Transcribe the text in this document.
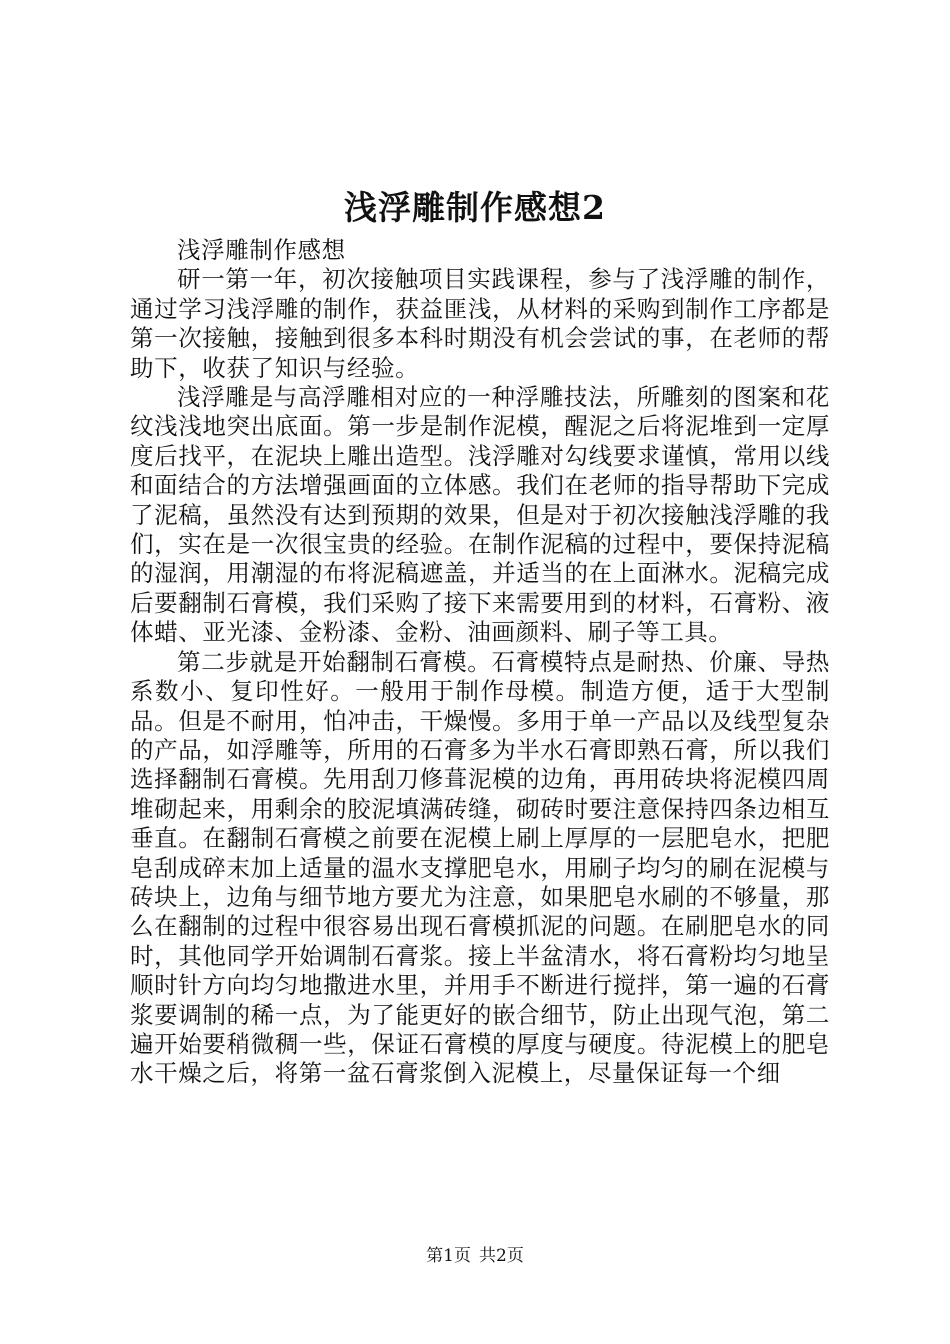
浅浮雕制作感想2

浅浮雕制作感想

研一第一年，初次接触项目实践课程，参与了浅浮雕的制作，通过学习浅浮雕的制作，获益匪浅，从材料的采购到制作工序都是第一次接触，接触到很多本科时期没有机会尝试的事，在老师的帮助下，收获了知识与经验。

浅浮雕是与高浮雕相对应的一种浮雕技法，所雕刻的图案和花纹浅浅地突出底面。第一步是制作泥模，醒泥之后将泥堆到一定厚度后找平，在泥块上雕出造型。浅浮雕对勾线要求谨慎，常用以线和面结合的方法增强画面的立体感。我们在老师的指导帮助下完成了泥稿，虽然没有达到预期的效果，但是对于初次接触浅浮雕的我们，实在是一次很宝贵的经验。在制作泥稿的过程中，要保持泥稿的湿润，用潮湿的布将泥稿遮盖，并适当的在上面淋水。泥稿完成后要翻制石膏模，我们采购了接下来需要用到的材料，石膏粉、液体蜡、亚光漆、金粉漆、金粉、油画颜料、刷子等工具。

第二步就是开始翻制石膏模。石膏模特点是耐热、价廉、导热系数小、复印性好。一般用于制作母模。制造方便，适于大型制品。但是不耐用，怕冲击，干燥慢。多用于单一产品以及线型复杂的产品，如浮雕等，所用的石膏多为半水石膏即熟石膏，所以我们选择翻制石膏模。先用刮刀修葺泥模的边角，再用砖块将泥模四周堆砌起来，用剩余的胶泥填满砖缝，砌砖时要注意保持四条边相互垂直。在翻制石膏模之前要在泥模上刷上厚厚的一层肥皂水，把肥皂刮成碎末加上适量的温水支撑肥皂水，用刷子均匀的刷在泥模与砖块上，边角与细节地方要尤为注意，如果肥皂水刷的不够量，那么在翻制的过程中很容易出现石膏模抓泥的问题。在刷肥皂水的同时，其他同学开始调制石膏浆。接上半盆清水，将石膏粉均匀地呈顺时针方向均匀地撒进水里，并用手不断进行搅拌，第一遍的石膏浆要调制的稀一点，为了能更好的嵌合细节，防止出现气泡，第二遍开始要稍微稠一些，保证石膏模的厚度与硬度。待泥模上的肥皂水干燥之后，将第一盆石膏浆倒入泥模上，尽量保证每一个细

第1页 共2页
